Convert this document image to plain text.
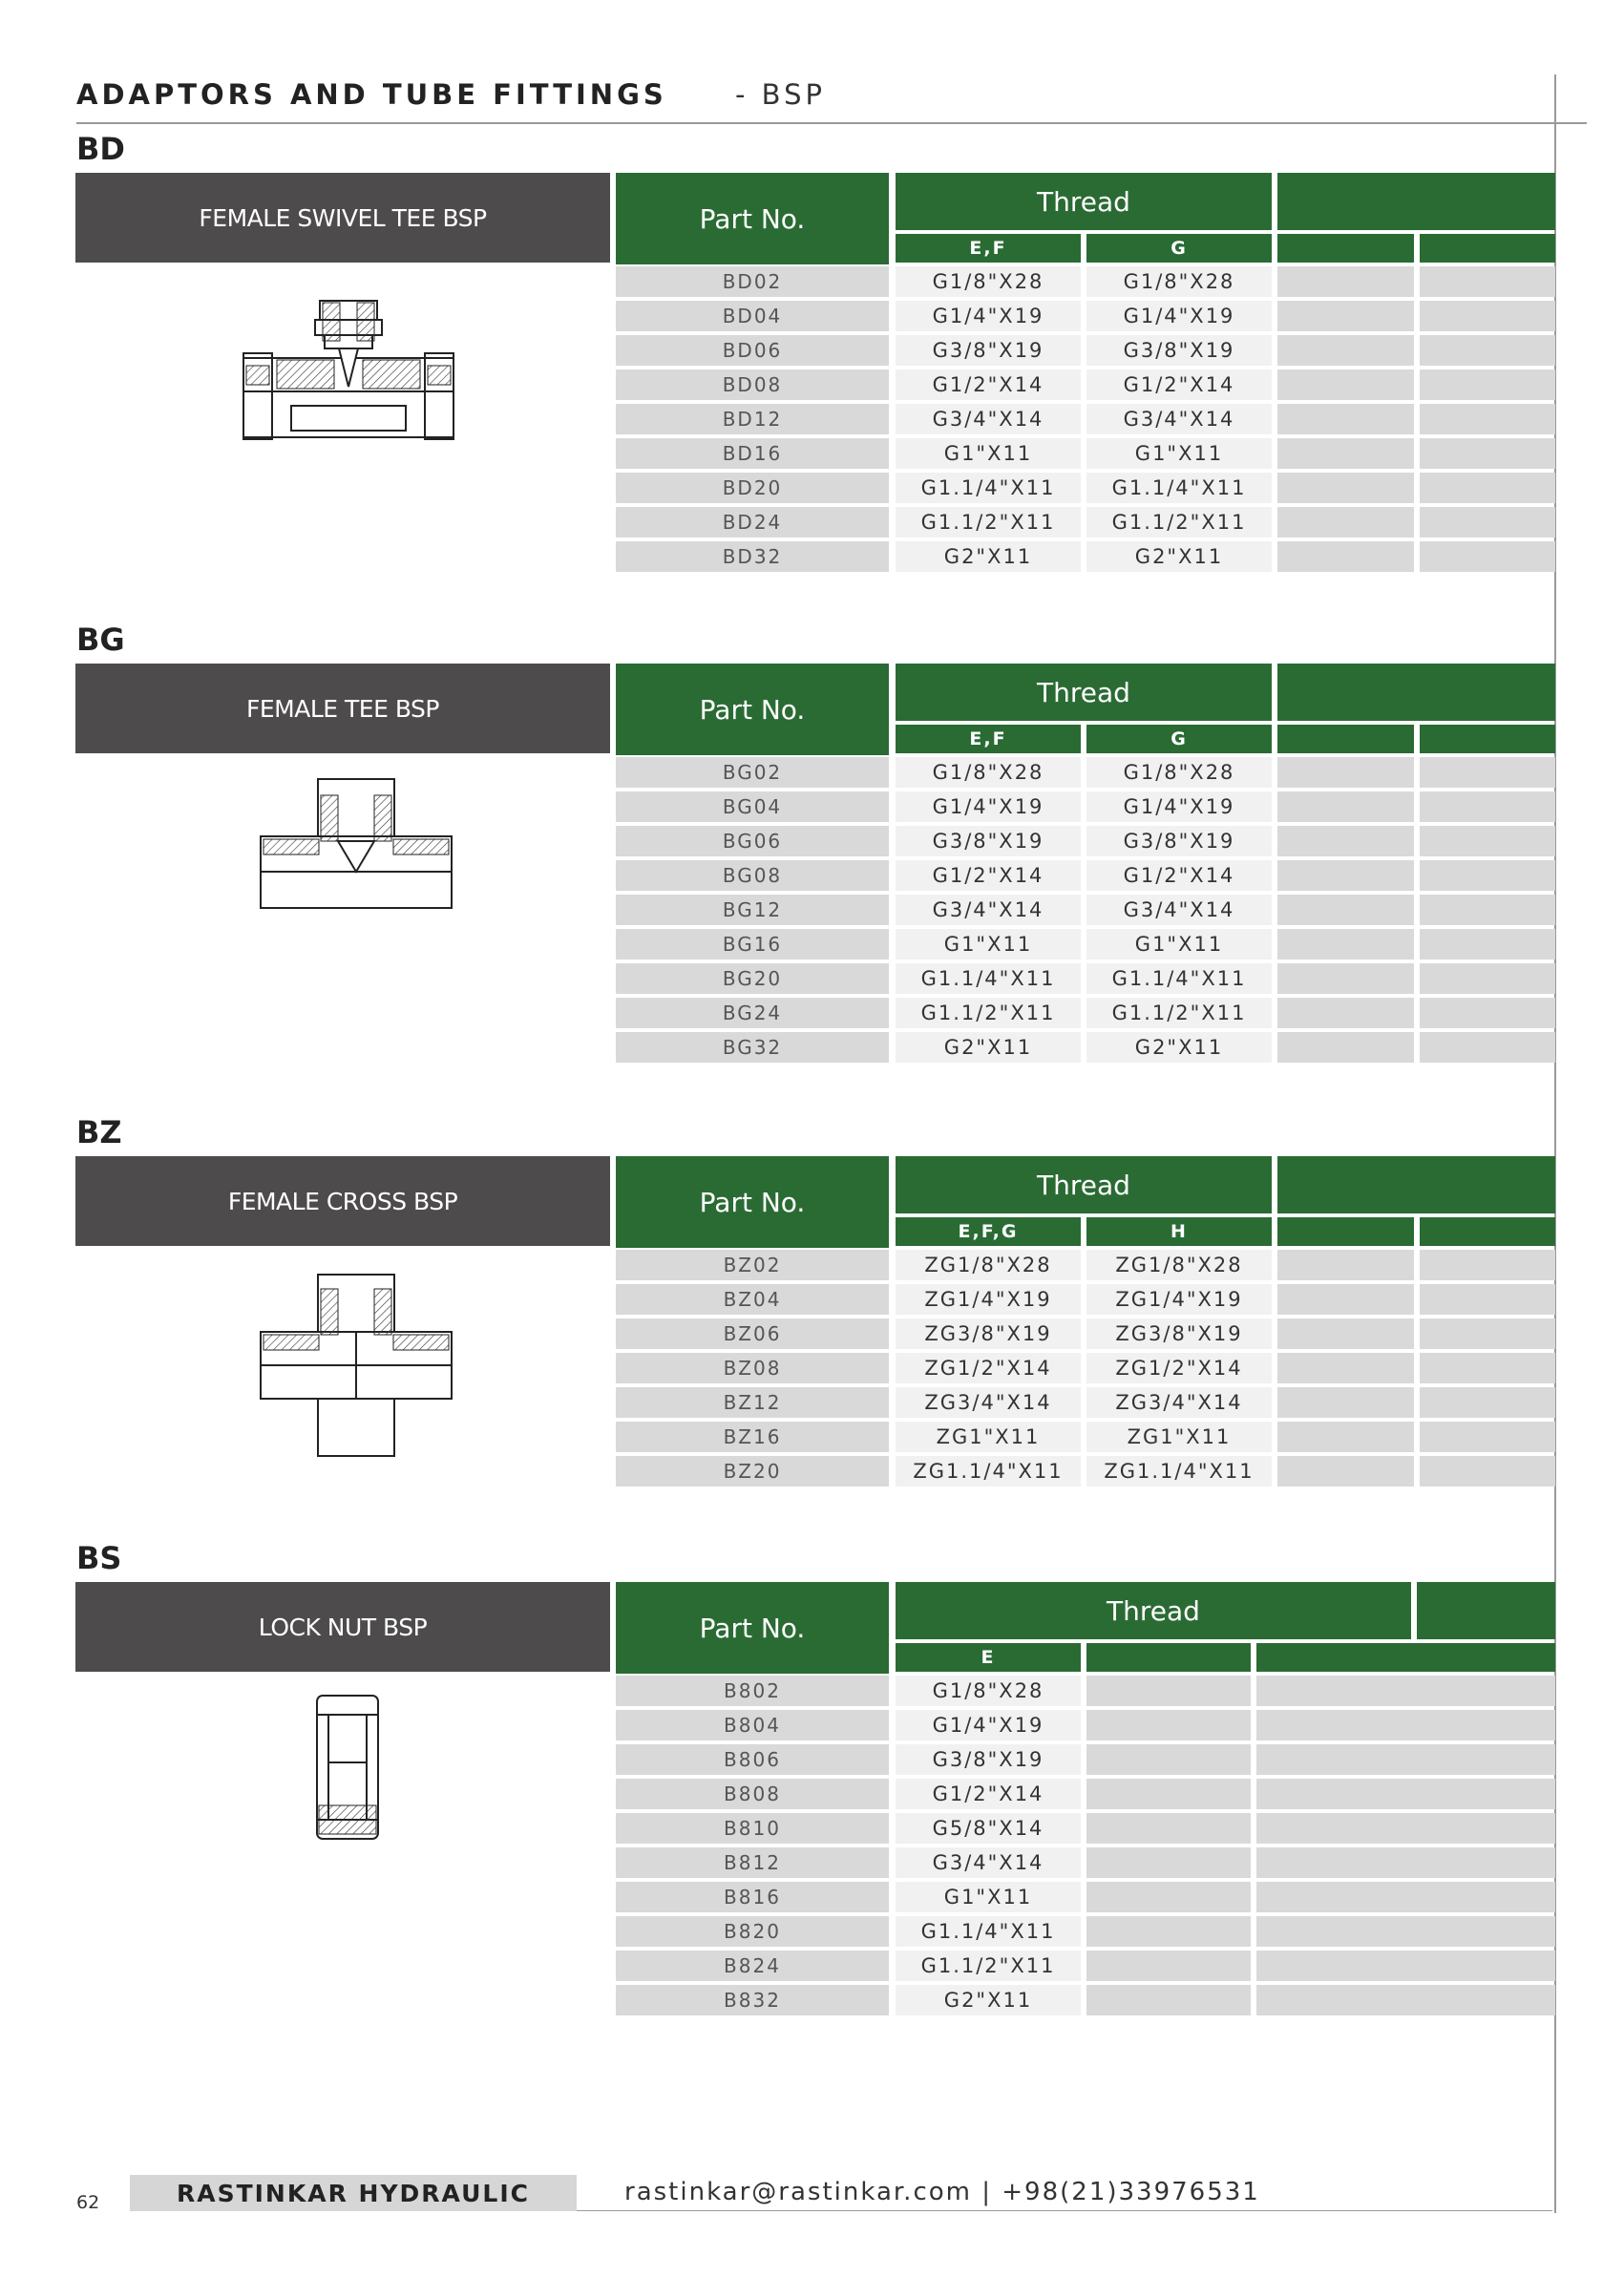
ADAPTORS AND TUBE FITTINGS - BSP
BD
FEMALE SWIVEL TEE BSP	Part No.
Thread
E,F	G
BD02	G1/8"X28	G1/8"X28
BD04	G1/4"X19	G1/4"X19
BD06	G3/8"X19	G3/8"X19
BD08	G1/2"X14	G1/2"X14
BD12	G3/4"X14	G3/4"X14
BD16	G1"X11	G1"X11
BD20	G1.1/4"X11	G1.1/4"X11
BD24	G1.1/2"X11	G1.1/2"X11
BD32	G2"X11	G2"X11
BG
FEMALE TEE BSP	Part No.
Thread
E,F	G
BG02	G1/8"X28	G1/8"X28
BG04	G1/4"X19	G1/4"X19
BG06	G3/8"X19	G3/8"X19
BG08	G1/2"X14	G1/2"X14
BG12	G3/4"X14	G3/4"X14
BG16	G1"X11	G1"X11
BG20	G1.1/4"X11	G1.1/4"X11
BG24	G1.1/2"X11	G1.1/2"X11
BG32	G2"X11	G2"X11
BZ
FEMALE CROSS BSP	Part No.
Thread
E,F,G	H
BZ02	ZG1/8"X28	ZG1/8"X28
BZ04	ZG1/4"X19	ZG1/4"X19
BZ06	ZG3/8"X19	ZG3/8"X19
BZ08	ZG1/2"X14	ZG1/2"X14
BZ12	ZG3/4"X14	ZG3/4"X14
BZ16	ZG1"X11	ZG1"X11
BZ20	ZG1.1/4"X11	ZG1.1/4"X11
BS
LOCK NUT BSP	Part No.
Thread
E
B802	G1/8"X28
B804	G1/4"X19
B806	G3/8"X19
B808	G1/2"X14
B810	G5/8"X14
B812	G3/4"X14
B816	G1"X11
B820	G1.1/4"X11
B824	G1.1/2"X11
B832	G2"X11
62	RASTINKAR HYDRAULIC	rastinkar@rastinkar.com | +98(21)33976531
